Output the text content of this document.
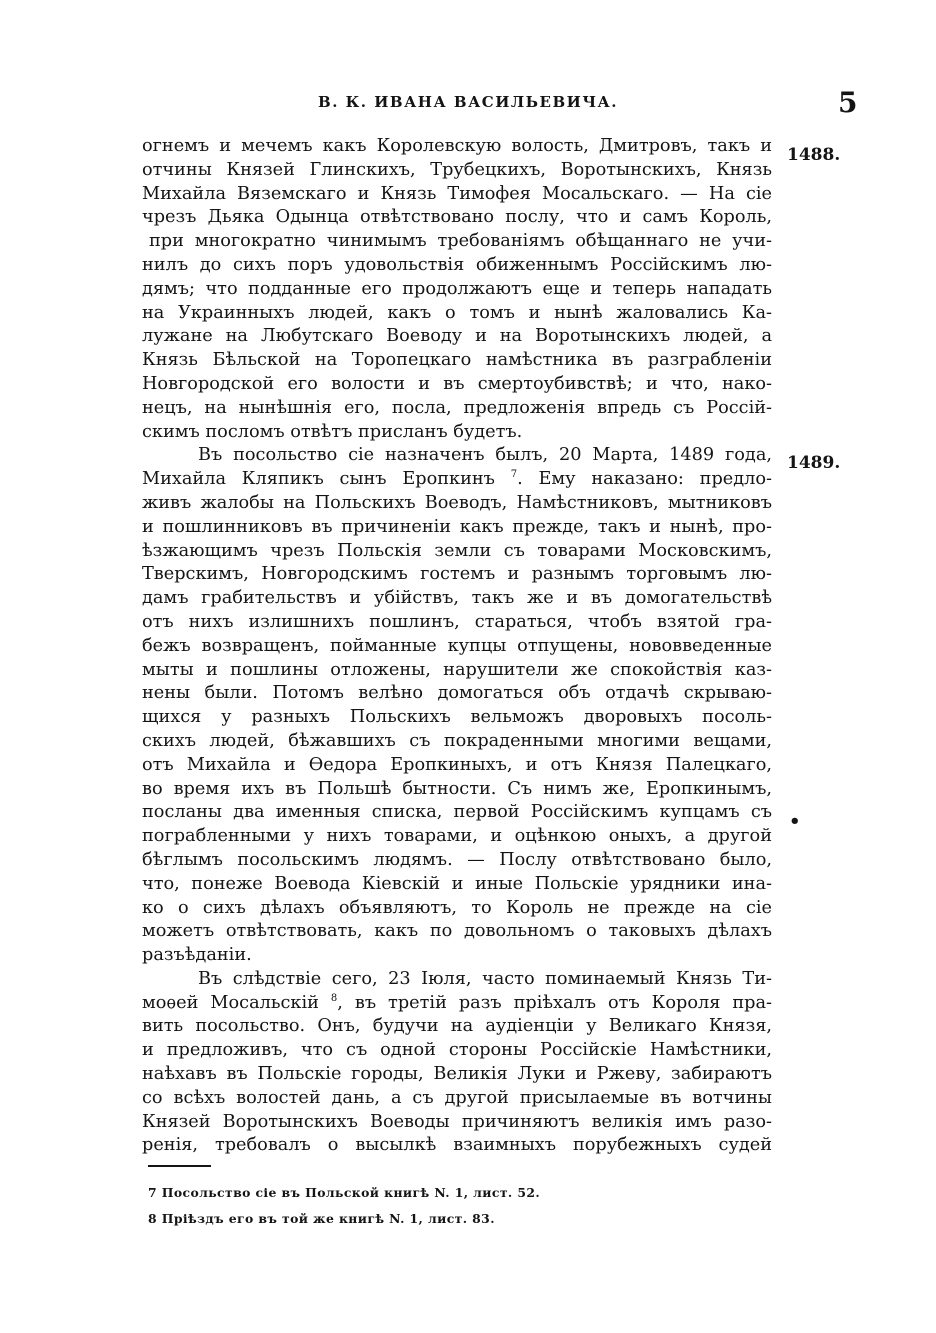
В. К. ИВАНА ВАСИЛЬЕВИЧА.	5
1488.
1489.
•
огнемъ и мечемъ какъ Королевскую волость, Дмитровъ, такъ и
отчины Князей Глинскихъ, Трубецкихъ, Воротынскихъ, Князь
Михайла Вяземскаго и Князь Тимофея Мосальскаго. — На сіе
чрезъ Дьяка Одынца отвѣтствовано послу, что и самъ Король,
при многократно чинимымъ требованіямъ обѣщаннаго не учи-
нилъ до сихъ поръ удовольствія обиженнымъ Россійскимъ лю-
дямъ; что подданные его продолжаютъ еще и теперь нападать
на Украинныхъ людей, какъ о томъ и нынѣ жаловались Ка-
лужане на Любутскаго Воеводу и на Воротынскихъ людей, а
Князь Бѣльской на Торопецкаго намѣстника въ разграбленіи
Новгородской его волости и въ смертоубивствѣ; и что, нако-
нецъ, на нынѣшнія его, посла, предложенія впредь съ Россій-
скимъ посломъ отвѣтъ присланъ будетъ.
Въ посольство сіе назначенъ былъ, 20 Марта, 1489 года,
Михайла Кляпикъ сынъ Еропкинъ $^7$. Ему наказано: предло-
живъ жалобы на Польскихъ Воеводъ, Намѣстниковъ, мытниковъ
и пошлинниковъ въ причиненіи какъ прежде, такъ и нынѣ, про-
ѣзжающимъ чрезъ Польскія земли съ товарами Московскимъ,
Тверскимъ, Новгородскимъ гостемъ и разнымъ торговымъ лю-
дамъ грабительствъ и убійствъ, такъ же и въ домогательствѣ
отъ нихъ излишнихъ пошлинъ, стараться, чтобъ взятой гра-
бежъ возвращенъ, пойманные купцы отпущены, нововведенные
мыты и пошлины отложены, нарушители же спокойствія каз-
нены были. Потомъ велѣно домогаться объ отдачѣ скрываю-
щихся у разныхъ Польскихъ вельможъ дворовыхъ посоль-
скихъ людей, бѣжавшихъ съ покраденными многими вещами,
отъ Михайла и Ѳедора Еропкиныхъ, и отъ Князя Палецкаго,
во время ихъ въ Польшѣ бытности. Съ нимъ же, Еропкинымъ,
посланы два именныя списка, первой Россійскимъ купцамъ съ
пограбленными у нихъ товарами, и оцѣнкою оныхъ, а другой
бѣглымъ посольскимъ людямъ. — Послу отвѣтствовано было,
что, понеже Воевода Кіевскій и иные Польскіе урядники ина-
ко о сихъ дѣлахъ объявляютъ, то Король не прежде на сіе
можетъ отвѣтствовать, какъ по довольномъ о таковыхъ дѣлахъ
разъѣданіи.
Въ слѣдствіе сего, 23 Іюля, часто поминаемый Князь Ти-
моѳей Мосальскій $^8$, въ третій разъ пріѣхалъ отъ Короля пра-
вить посольство. Онъ, будучи на аудіенціи у Великаго Князя,
и предложивъ, что съ одной стороны Россійскіе Намѣстники,
наѣхавъ въ Польскіе городы, Великія Луки и Ржеву, забираютъ
со всѣхъ волостей дань, а съ другой присылаемые въ вотчины
Князей Воротынскихъ Воеводы причиняютъ великія имъ разо-
ренія, требовалъ о высылкѣ взаимныхъ порубежныхъ судей
7 Посольство сіе въ Польской книгѣ N. 1, лист. 52.
8 Пріѣздъ его въ той же книгѣ N. 1, лист. 83.
